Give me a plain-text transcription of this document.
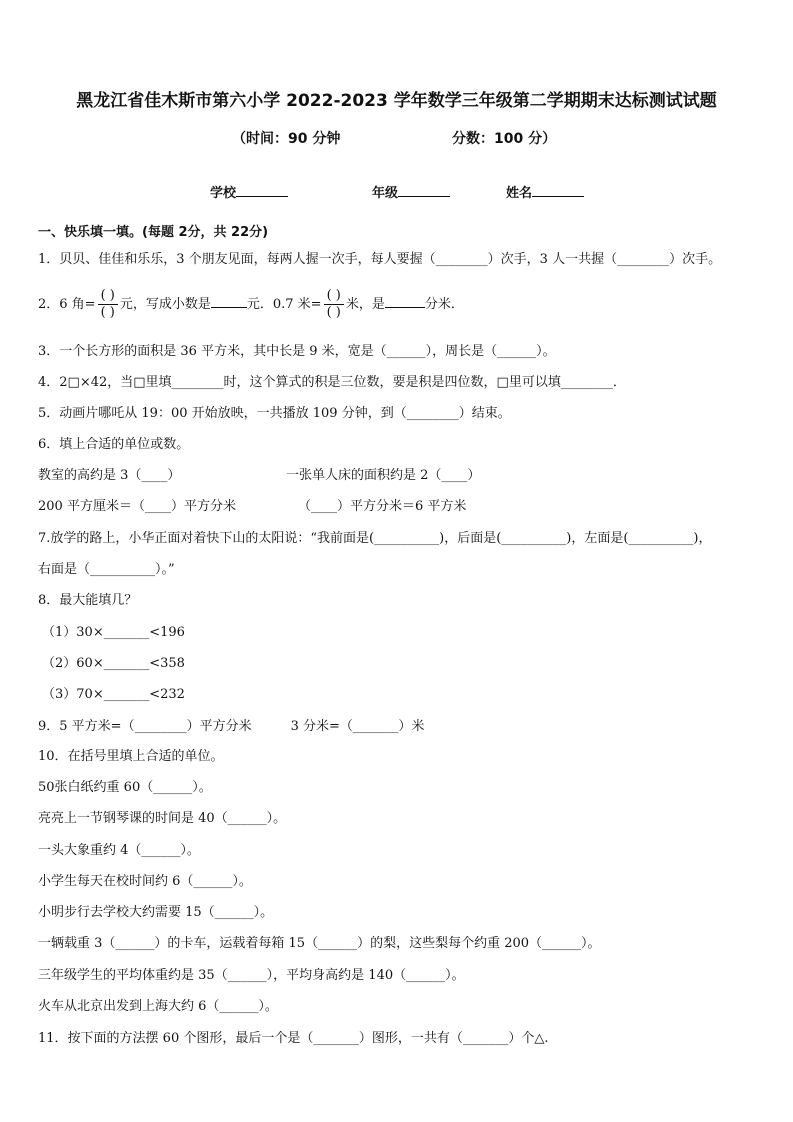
黑龙江省佳木斯市第六小学 2022-2023 学年数学三年级第二学期期末达标测试试题
（时间：90 分钟	分数：100 分）
学校	年级	姓名
一、快乐填一填。(每题 2分，共 22分)
1．贝贝、佳佳和乐乐，3 个朋友见面，每两人握一次手，每人要握（________）次手，3 人一共握（________）次手。
2．6 角= $\frac{( )}{( )}$ 元，写成小数是	元．0.7 米= $\frac{( )}{( )}$ 米，是	分米．
3．一个长方形的面积是 36 平方米，其中长是 9 米，宽是（______），周长是（______）。
4．2□×42，当□里填________时，这个算式的积是三位数，要是积是四位数，□里可以填________．
5．动画片哪吒从 19：00 开始放映，一共播放 109 分钟，到（________）结束。
6．填上合适的单位或数。
教室的高约是 3（____）	一张单人床的面积约是 2（____）
200 平方厘米＝（____）平方分米	（____）平方分米＝6 平方米
7.放学的路上，小华正面对着快下山的太阳说：“我前面是(__________)，后面是(__________)，左面是(__________)，
右面是（__________）。”
8．最大能填几？
（1）30×_______<196
（2）60×_______<358
（3）70×_______<232
9．5 平方米=（________）平方分米　　　3 分米=（_______）米
10．在括号里填上合适的单位。
50张白纸约重 60（______）。
亮亮上一节钢琴课的时间是 40（______）。
一头大象重约 4（______）。
小学生每天在校时间约 6（______）。
小明步行去学校大约需要 15（______）。
一辆载重 3（______）的卡车，运载着每箱 15（______）的梨，这些梨每个约重 200（______）。
三年级学生的平均体重约是 35（______），平均身高约是 140（______）。
火车从北京出发到上海大约 6（______）。
11．按下面的方法摆 60 个图形，最后一个是（_______）图形，一共有（_______）个△.
